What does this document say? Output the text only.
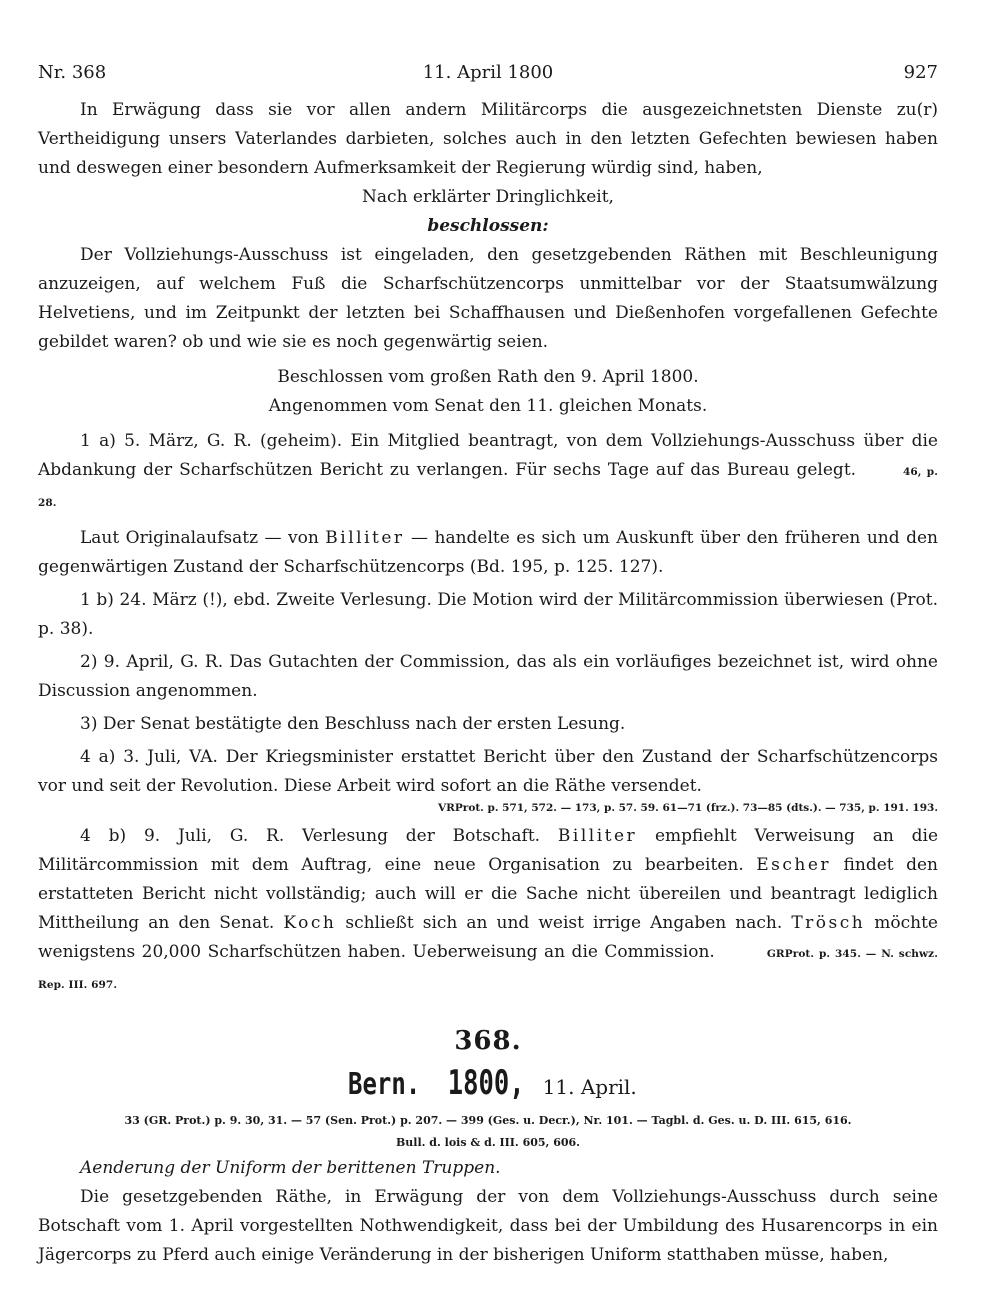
Nr. 368	11. April 1800	927

In Erwägung dass sie vor allen andern Militärcorps die ausgezeichnetsten Dienste zu(r) Vertheidigung unsers Vaterlandes darbieten, solches auch in den letzten Gefechten bewiesen haben und deswegen einer besondern Aufmerksamkeit der Regierung würdig sind, haben,

Nach erklärter Dringlichkeit,

beschlossen:

Der Vollziehungs-Ausschuss ist eingeladen, den gesetzgebenden Räthen mit Beschleunigung anzuzeigen, auf welchem Fuß die Scharfschützencorps unmittelbar vor der Staatsumwälzung Helvetiens, und im Zeitpunkt der letzten bei Schaffhausen und Dießenhofen vorgefallenen Gefechte gebildet waren? ob und wie sie es noch gegenwärtig seien.

Beschlossen vom großen Rath den 9. April 1800.

Angenommen vom Senat den 11. gleichen Monats.

1 a) 5. März, G. R. (geheim). Ein Mitglied beantragt, von dem Vollziehungs-Ausschuss über die Abdankung der Scharfschützen Bericht zu verlangen. Für sechs Tage auf das Bureau gelegt.	46, p. 28.

Laut Originalaufsatz — von Billiter — handelte es sich um Auskunft über den früheren und den gegenwärtigen Zustand der Scharfschützencorps (Bd. 195, p. 125. 127).

1 b) 24. März (!), ebd. Zweite Verlesung. Die Motion wird der Militärcommission überwiesen (Prot. p. 38).

2) 9. April, G. R. Das Gutachten der Commission, das als ein vorläufiges bezeichnet ist, wird ohne Discussion angenommen.

3) Der Senat bestätigte den Beschluss nach der ersten Lesung.

4 a) 3. Juli, VA. Der Kriegsminister erstattet Bericht über den Zustand der Scharfschützencorps vor und seit der Revolution. Diese Arbeit wird sofort an die Räthe versendet.

VRProt. p. 571, 572. — 173, p. 57. 59. 61—71 (frz.). 73—85 (dts.). — 735, p. 191. 193.

4 b) 9. Juli, G. R. Verlesung der Botschaft. Billiter empfiehlt Verweisung an die Militärcommission mit dem Auftrag, eine neue Organisation zu bearbeiten. Escher findet den erstatteten Bericht nicht vollständig; auch will er die Sache nicht übereilen und beantragt lediglich Mittheilung an den Senat. Koch schließt sich an und weist irrige Angaben nach. Trösch möchte wenigstens 20,000 Scharfschützen haben. Ueberweisung an die Commission.	GRProt. p. 345. — N. schwz. Rep. III. 697.

368.
Bern. 1800, 11. April.
33 (GR. Prot.) p. 9. 30, 31. — 57 (Sen. Prot.) p. 207. — 399 (Ges. u. Decr.), Nr. 101. — Tagbl. d. Ges. u. D. III. 615, 616.
Bull. d. lois & d. III. 605, 606.

Aenderung der Uniform der berittenen Truppen.

Die gesetzgebenden Räthe, in Erwägung der von dem Vollziehungs-Ausschuss durch seine Botschaft vom 1. April vorgestellten Nothwendigkeit, dass bei der Umbildung des Husarencorps in ein Jägercorps zu Pferd auch einige Veränderung in der bisherigen Uniform statthaben müsse, haben,
